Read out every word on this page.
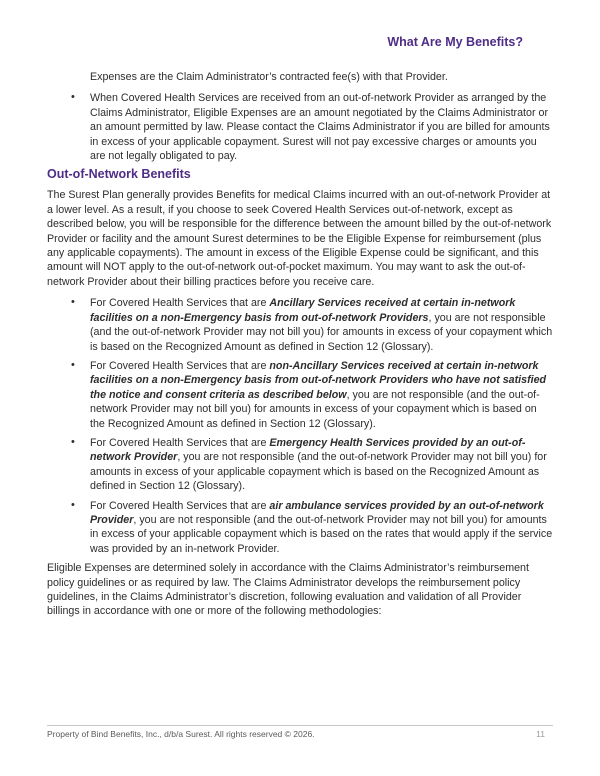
What Are My Benefits?

Expenses are the Claim Administrator’s contracted fee(s) with that Provider.

• When Covered Health Services are received from an out-of-network Provider as arranged by the Claims Administrator, Eligible Expenses are an amount negotiated by the Claims Administrator or an amount permitted by law. Please contact the Claims Administrator if you are billed for amounts in excess of your applicable copayment. Surest will not pay excessive charges or amounts you are not legally obligated to pay.
Out-of-Network Benefits

The Surest Plan generally provides Benefits for medical Claims incurred with an out-of-network Provider at a lower level. As a result, if you choose to seek Covered Health Services out-of-network, except as described below, you will be responsible for the difference between the amount billed by the out-of-network Provider or facility and the amount Surest determines to be the Eligible Expense for reimbursement (plus any applicable copayments). The amount in excess of the Eligible Expense could be significant, and this amount will NOT apply to the out-of-network out-of-pocket maximum. You may want to ask the out-of-network Provider about their billing practices before you receive care.

• For Covered Health Services that are Ancillary Services received at certain in-network facilities on a non-Emergency basis from out-of-network Providers, you are not responsible (and the out-of-network Provider may not bill you) for amounts in excess of your copayment which is based on the Recognized Amount as defined in Section 12 (Glossary).
• For Covered Health Services that are non-Ancillary Services received at certain in-network facilities on a non-Emergency basis from out-of-network Providers who have not satisfied the notice and consent criteria as described below, you are not responsible (and the out-of-network Provider may not bill you) for amounts in excess of your copayment which is based on the Recognized Amount as defined in Section 12 (Glossary).
• For Covered Health Services that are Emergency Health Services provided by an out-of-network Provider, you are not responsible (and the out-of-network Provider may not bill you) for amounts in excess of your applicable copayment which is based on the Recognized Amount as defined in Section 12 (Glossary).
• For Covered Health Services that are air ambulance services provided by an out-of-network Provider, you are not responsible (and the out-of-network Provider may not bill you) for amounts in excess of your applicable copayment which is based on the rates that would apply if the service was provided by an in-network Provider.

Eligible Expenses are determined solely in accordance with the Claims Administrator’s reimbursement policy guidelines or as required by law. The Claims Administrator develops the reimbursement policy guidelines, in the Claims Administrator’s discretion, following evaluation and validation of all Provider billings in accordance with one or more of the following methodologies:

Property of Bind Benefits, Inc., d/b/a Surest. All rights reserved © 2026.	11
